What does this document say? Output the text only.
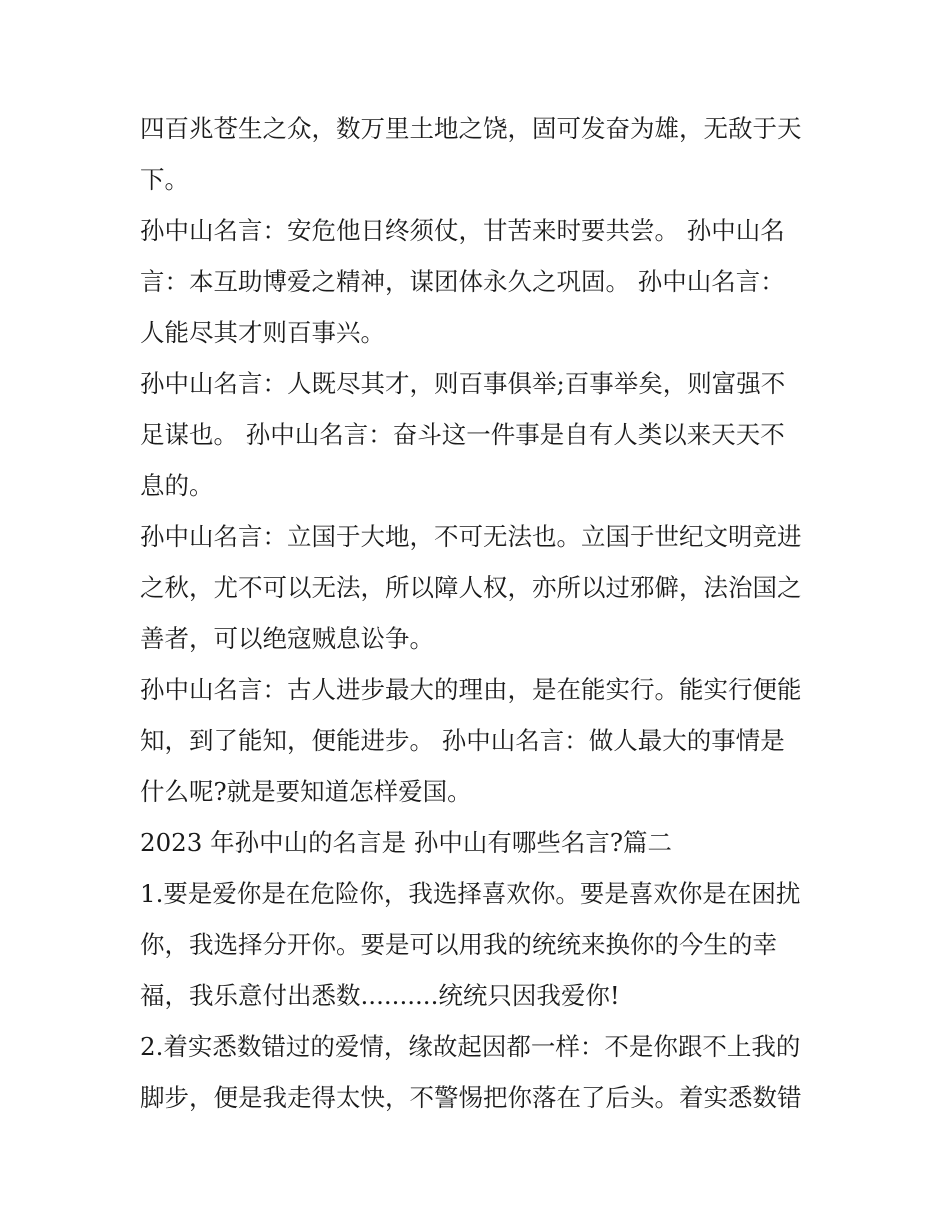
四百兆苍生之众，数万里土地之饶，固可发奋为雄，无敌于天
下。
孙中山名言：安危他日终须仗，甘苦来时要共尝。 孙中山名
言：本互助博爱之精神，谋团体永久之巩固。 孙中山名言：
人能尽其才则百事兴。
孙中山名言：人既尽其才，则百事俱举;百事举矣，则富强不
足谋也。 孙中山名言：奋斗这一件事是自有人类以来天天不
息的。
孙中山名言：立国于大地，不可无法也。立国于世纪文明竞进
之秋，尤不可以无法，所以障人权，亦所以过邪僻，法治国之
善者，可以绝寇贼息讼争。
孙中山名言：古人进步最大的理由，是在能实行。能实行便能
知，到了能知，便能进步。 孙中山名言：做人最大的事情是
什么呢?就是要知道怎样爱国。
2023 年孙中山的名言是 孙中山有哪些名言?篇二
1.要是爱你是在危险你，我选择喜欢你。要是喜欢你是在困扰
你，我选择分开你。要是可以用我的统统来换你的今生的幸
福，我乐意付出悉数..........统统只因我爱你!
2.着实悉数错过的爱情，缘故起因都一样：不是你跟不上我的
脚步，便是我走得太快，不警惕把你落在了后头。着实悉数错
